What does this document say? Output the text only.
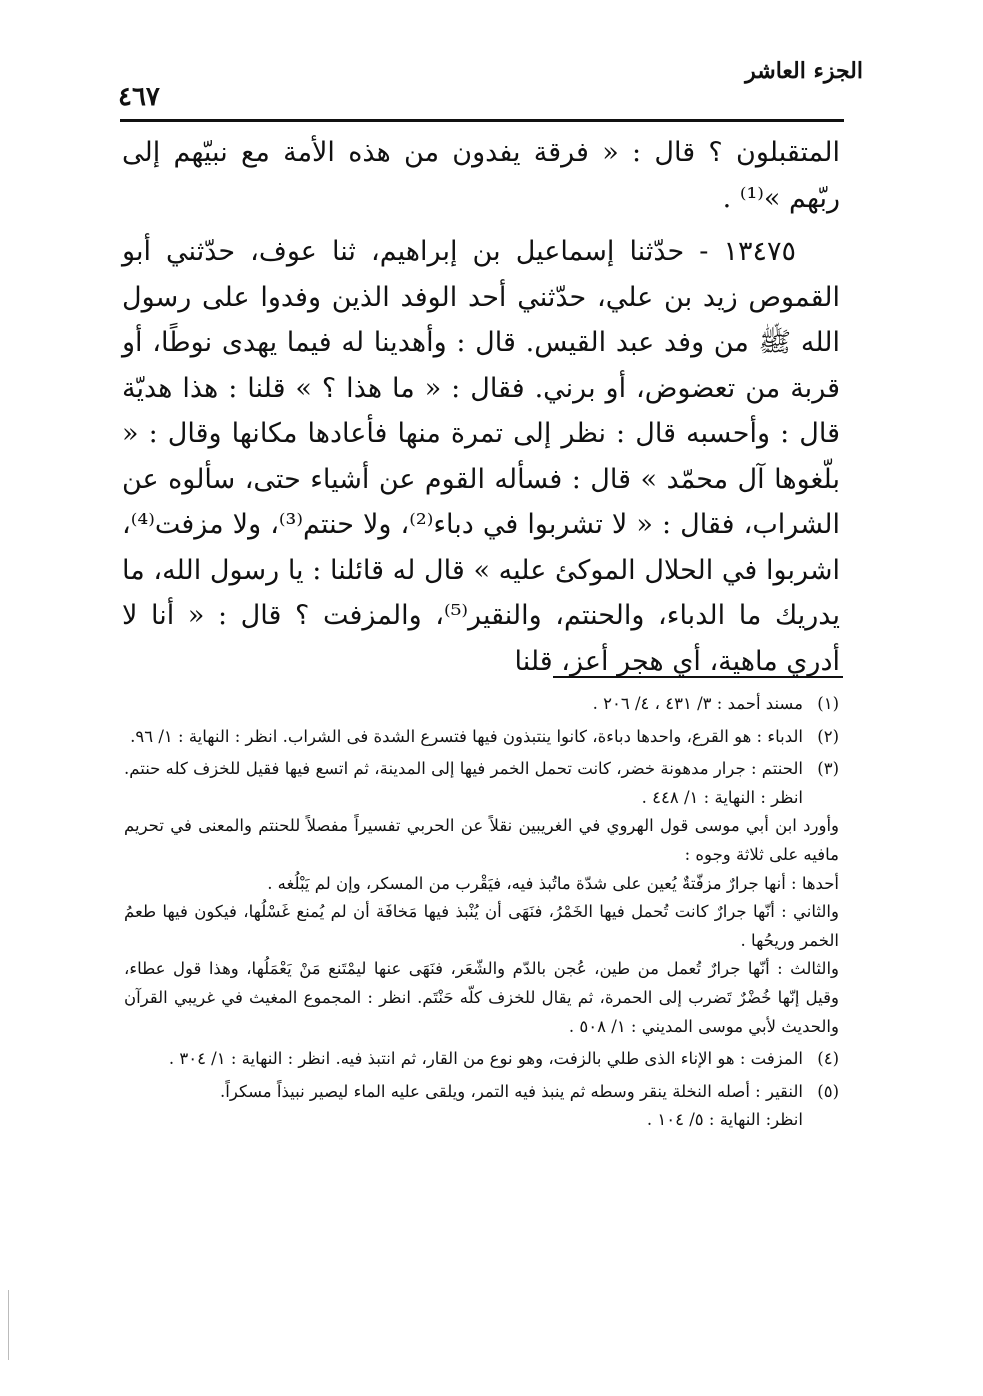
الجزء العاشر
٤٦٧

المتقبلون ؟ قال : « فرقة يفدون من هذه الأمة مع نبيّهم إلى ربّهم »⁽¹⁾ .

١٣٤٧٥ - حدّثنا إسماعيل بن إبراهيم، ثنا عوف، حدّثني أبو القموص زيد بن علي، حدّثني أحد الوفد الذين وفدوا على رسول الله ﷺ من وفد عبد القيس. قال : وأهدينا له فيما يهدى نوطًا، أو قربة من تعضوض، أو برني. فقال : « ما هذا ؟ » قلنا : هذا هديّة قال : وأحسبه قال : نظر إلى تمرة منها فأعادها مكانها وقال : « بلّغوها آل محمّد » قال : فسأله القوم عن أشياء حتى، سألوه عن الشراب، فقال : « لا تشربوا في دباء⁽²⁾، ولا حنتم⁽³⁾، ولا مزفت⁽⁴⁾، اشربوا في الحلال الموكئ عليه » قال له قائلنا : يا رسول الله، ما يدريك ما الدباء، والحنتم، والنقير⁽⁵⁾، والمزفت ؟ قال : « أنا لا أدري ماهية، أي هجر أعز، قلنا

(١)

مسند أحمد : ٣/ ٤٣١ ، ٤/ ٢٠٦ .

(٢)

الدباء : هو القرع، واحدها دباءة، كانوا ينتبذون فيها فتسرع الشدة فى الشراب. انظر : النهاية : ١/ ٩٦.

(٣)

الحنتم : جرار مدهونة خضر، كانت تحمل الخمر فيها إلى المدينة، ثم اتسع فيها فقيل للخزف كله حنتم. انظر : النهاية : ١/ ٤٤٨ .

وأورد ابن أبي موسى قول الهروي في الغريبين نقلاً عن الحربي تفسيراً مفصلاً للحنتم والمعنى في تحريم مافيه على ثلاثة وجوه :

أحدها : أنها جرارٌ مزفّتةٌ يُعين على شدّة ماتُبذ فيه، فيَقْرب من المسكر، وإن لم يَبْلُغه .

والثاني : أنّها جرارٌ كانت تُحمل فيها الخَمْرُ، فنَهَى أن يُنْبذ فيها مَخافَة أن لم يُمنع غَسْلُها، فيكون فيها طعمُ الخمر وريحُها .

والثالث : أنّها جرارٌ تُعمل من طين، عُجن بالدّم والشّعَر، فنَهَى عنها ليمْتَنع مَنْ يَعْمَلُها، وهذا قول عطاء، وقيل إنّها خُضْرٌ تَضرب إلى الحمرة، ثم يقال للخزف كلّه حَنْتَم. انظر : المجموع المغيث في غريبي القرآن والحديث لأبي موسى المديني : ١/ ٥٠٨ .

(٤)

المزفت : هو الإناء الذى طلي بالزفت، وهو نوع من القار، ثم انتبذ فيه. انظر : النهاية : ١/ ٣٠٤ .

(٥)

النقير : أصله النخلة ينقر وسطه ثم ينبذ فيه التمر، ويلقى عليه الماء ليصير نبيذاً مسكراً.

انظر: النهاية : ٥/ ١٠٤ .
